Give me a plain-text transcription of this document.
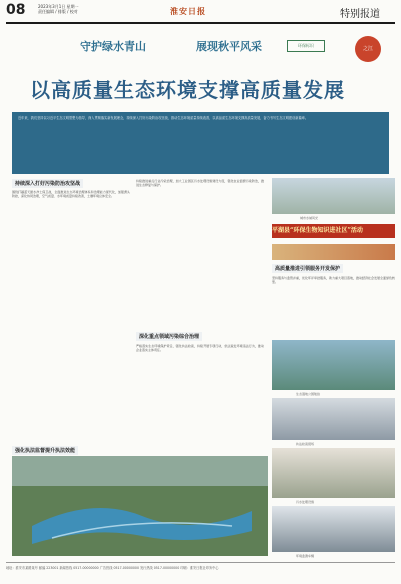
08	2023年3月1日 星期一
责任编辑 / 排版 / 校对	淮安日报	特别报道
守护绿水青山	展现秋平风采	环保标识
之江
以高质量生态环境支撑高质量发展
近年来，我们坚持以习近平生态文明思想为指导，深入贯彻落实新发展理念，持续深入打好污染防治攻坚战，推动生态环境质量持续改善，以高品质生态环境支撑高质量发展，奋力书写生态文明建设新篇章。
城市水域风光
平湖县“环保生物知识进社区”活动
持续深入打好污染防治攻坚战
围绕打赢蓝天碧水净土保卫战，全面推进生态环境治理体系和治理能力现代化，加强源头防控，深化协同治理，空气质量、水环境质量持续改善，土壤环境总体安全。
强化执法监督提升执法效能
持续推进重点行业污染治理，加大工业园区污水处理设施建设力度，强化农业面源污染防治，推进生态修复与保护。
深化重点领域污染综合治理
严格落实生态环境保护责任，强化执法检查，持续开展专项行动，依法查处环境违法行为，推动企业落实主体责任。
高质量推进引领服务开发保护
坚持服务与监管并重，优化环评审批服务，助力重大项目落地，推动经济社会发展全面绿色转型。
生态湿地公园航拍
执法检查现场
污水处理设施
环境监测车辆
地址：淮安市某路某号 邮编 223001 新闻热线 0517-00000000 广告热线 0517-00000000 发行热线 0517-00000000 印刷：淮安日报社印务中心
